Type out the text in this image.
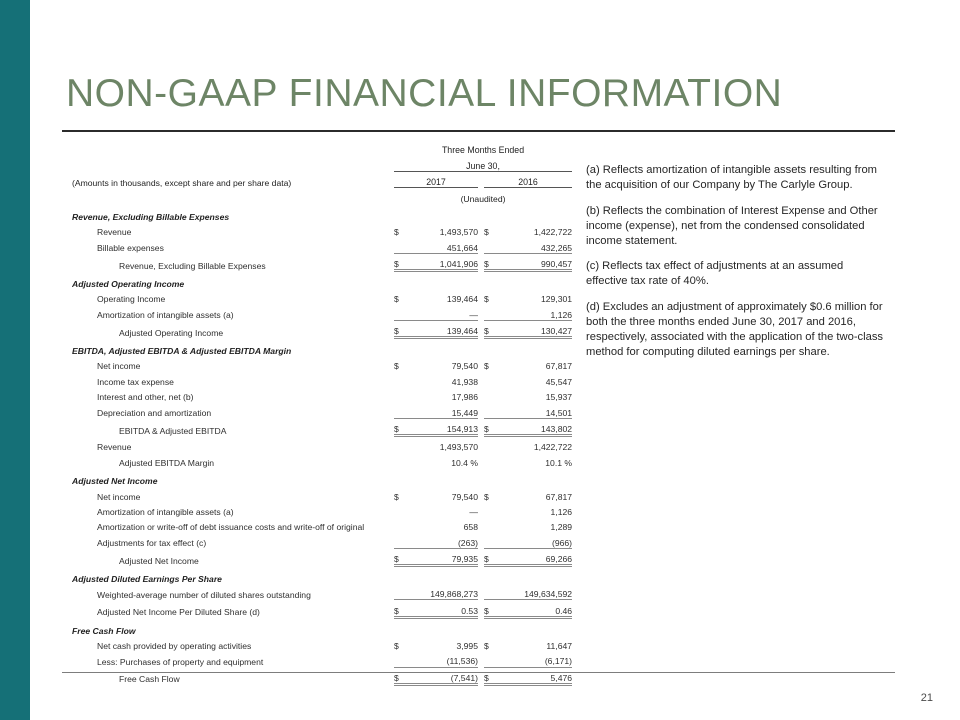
NON-GAAP FINANCIAL INFORMATION
	Three Months Ended				
	June 30,				
(Amounts in thousands, except share and per share data)	2017			2016	
	(Unaudited)				
Revenue, Excluding Billable Expenses					
Revenue	$	1,493,570		$	1,422,722
Billable expenses		451,664			432,265
Revenue, Excluding Billable Expenses	$	1,041,906		$	990,457
Adjusted Operating Income					
Operating Income	$	139,464		$	129,301
Amortization of intangible assets (a)		—			1,126
Adjusted Operating Income	$	139,464		$	130,427
EBITDA, Adjusted EBITDA & Adjusted EBITDA Margin					
Net income	$	79,540		$	67,817
Income tax expense		41,938			45,547
Interest and other, net (b)		17,986			15,937
Depreciation and amortization		15,449			14,501
EBITDA & Adjusted EBITDA	$	154,913		$	143,802
Revenue		1,493,570			1,422,722
Adjusted EBITDA Margin		10.4 %			10.1 %
Adjusted Net Income					
Net income	$	79,540		$	67,817
Amortization of intangible assets (a)		—			1,126
Amortization or write-off of debt issuance costs and write-off of original		658			1,289
Adjustments for tax effect (c)		(263)			(966)
Adjusted Net Income	$	79,935		$	69,266
Adjusted Diluted Earnings Per Share					
Weighted-average number of diluted shares outstanding		149,868,273			149,634,592
Adjusted Net Income Per Diluted Share (d)	$	0.53		$	0.46
Free Cash Flow					
Net cash provided by operating activities	$	3,995		$	11,647
Less: Purchases of property and equipment		(11,536)			(6,171)
Free Cash Flow	$	(7,541)		$	5,476

(a) Reflects amortization of intangible assets resulting from the acquisition of our Company by The Carlyle Group.

(b) Reflects the combination of Interest Expense and Other income (expense), net from the condensed consolidated income statement.

(c) Reflects tax effect of adjustments at an assumed effective tax rate of 40%.

(d) Excludes an adjustment of approximately $0.6 million for both the three months ended June 30, 2017 and 2016, respectively, associated with the application of the two-class method for computing diluted earnings per share.

21
